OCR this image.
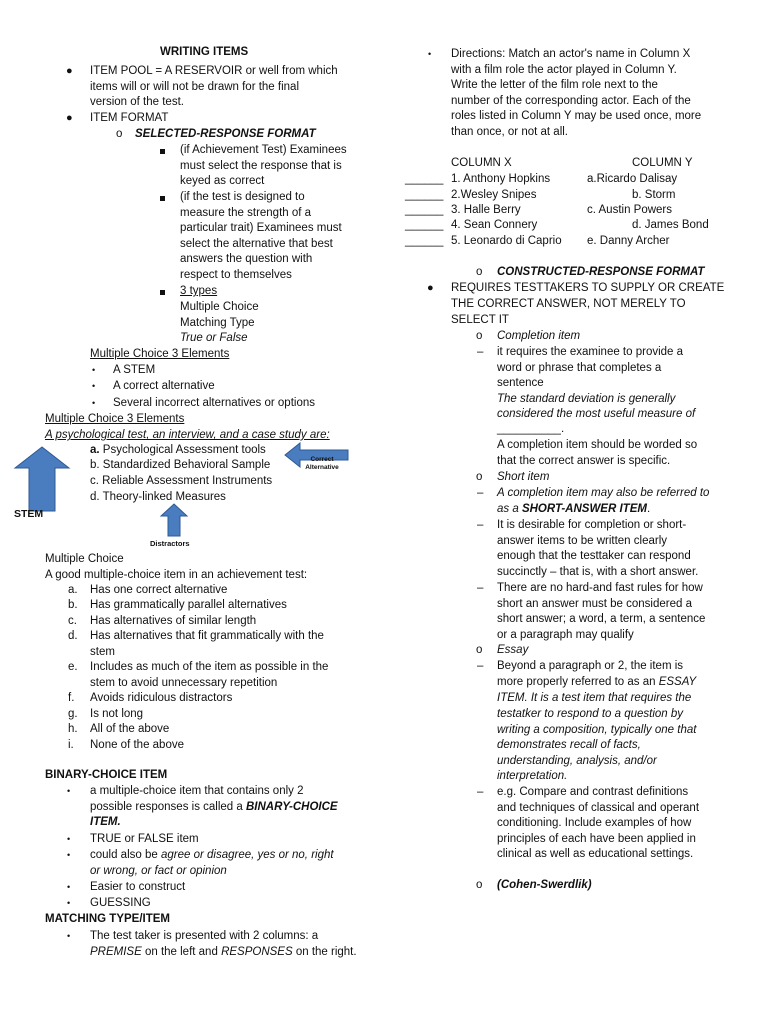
WRITING ITEMS
● ITEM POOL = A RESERVOIR or well from which
items will or will not be drawn for the final
version of the test.
● ITEM FORMAT
o SELECTED-RESPONSE FORMAT
(if Achievement Test) Examinees
must select the response that is
keyed as correct
(if the test is designed to
measure the strength of a
particular trait) Examinees must
select the alternative that best
answers the question with
respect to themselves
3 types
Multiple Choice
Matching Type
True or False
Multiple Choice 3 Elements
• A STEM
• A correct alternative
• Several incorrect alternatives or options
Multiple Choice 3 Elements
A psychological test, an interview, and a case study are:
a. Psychological Assessment tools
b. Standardized Behavioral Sample
c. Reliable Assessment Instruments
d. Theory-linked Measures
Correct
Alternative
STEM
Distractors
Multiple Choice
A good multiple-choice item in an achievement test:
a. Has one correct alternative
b. Has grammatically parallel alternatives
c. Has alternatives of similar length
d. Has alternatives that fit grammatically with the
stem
e. Includes as much of the item as possible in the
stem to avoid unnecessary repetition
f. Avoids ridiculous distractors
g. Is not long
h. All of the above
i. None of the above
BINARY-CHOICE ITEM
• a multiple-choice item that contains only 2
possible responses is called a BINARY-CHOICE
ITEM.
• TRUE or FALSE item
• could also be agree or disagree, yes or no, right
or wrong, or fact or opinion
• Easier to construct
• GUESSING
MATCHING TYPE/ITEM
• The test taker is presented with 2 columns: a
PREMISE on the left and RESPONSES on the right.
• Directions: Match an actor's name in Column X
with a film role the actor played in Column Y.
Write the letter of the film role next to the
number of the corresponding actor. Each of the
roles listed in Column Y may be used once, more
than once, or not at all.
COLUMN X	COLUMN Y
______ 1. Anthony Hopkins	a.Ricardo Dalisay
______ 2.Wesley Snipes	b. Storm
______ 3. Halle Berry	c. Austin Powers
______ 4. Sean Connery	d. James Bond
______ 5. Leonardo di Caprio e. Danny Archer
o CONSTRUCTED-RESPONSE FORMAT
● REQUIRES TESTTAKERS TO SUPPLY OR CREATE
THE CORRECT ANSWER, NOT MERELY TO
SELECT IT
o Completion item
– it requires the examinee to provide a
word or phrase that completes a
sentence
The standard deviation is generally
considered the most useful measure of
__________.
A completion item should be worded so
that the correct answer is specific.
o Short item
– A completion item may also be referred to
as a SHORT-ANSWER ITEM.
– It is desirable for completion or short-
answer items to be written clearly
enough that the testtaker can respond
succinctly – that is, with a short answer.
– There are no hard-and fast rules for how
short an answer must be considered a
short answer; a word, a term, a sentence
or a paragraph may qualify
o Essay
– Beyond a paragraph or 2, the item is
more properly referred to as an ESSAY
ITEM. It is a test item that requires the
testatker to respond to a question by
writing a composition, typically one that
demonstrates recall of facts,
understanding, analysis, and/or
interpretation.
– e.g. Compare and contrast definitions
and techniques of classical and operant
conditioning. Include examples of how
principles of each have been applied in
clinical as well as educational settings.
o (Cohen-Swerdlik)
